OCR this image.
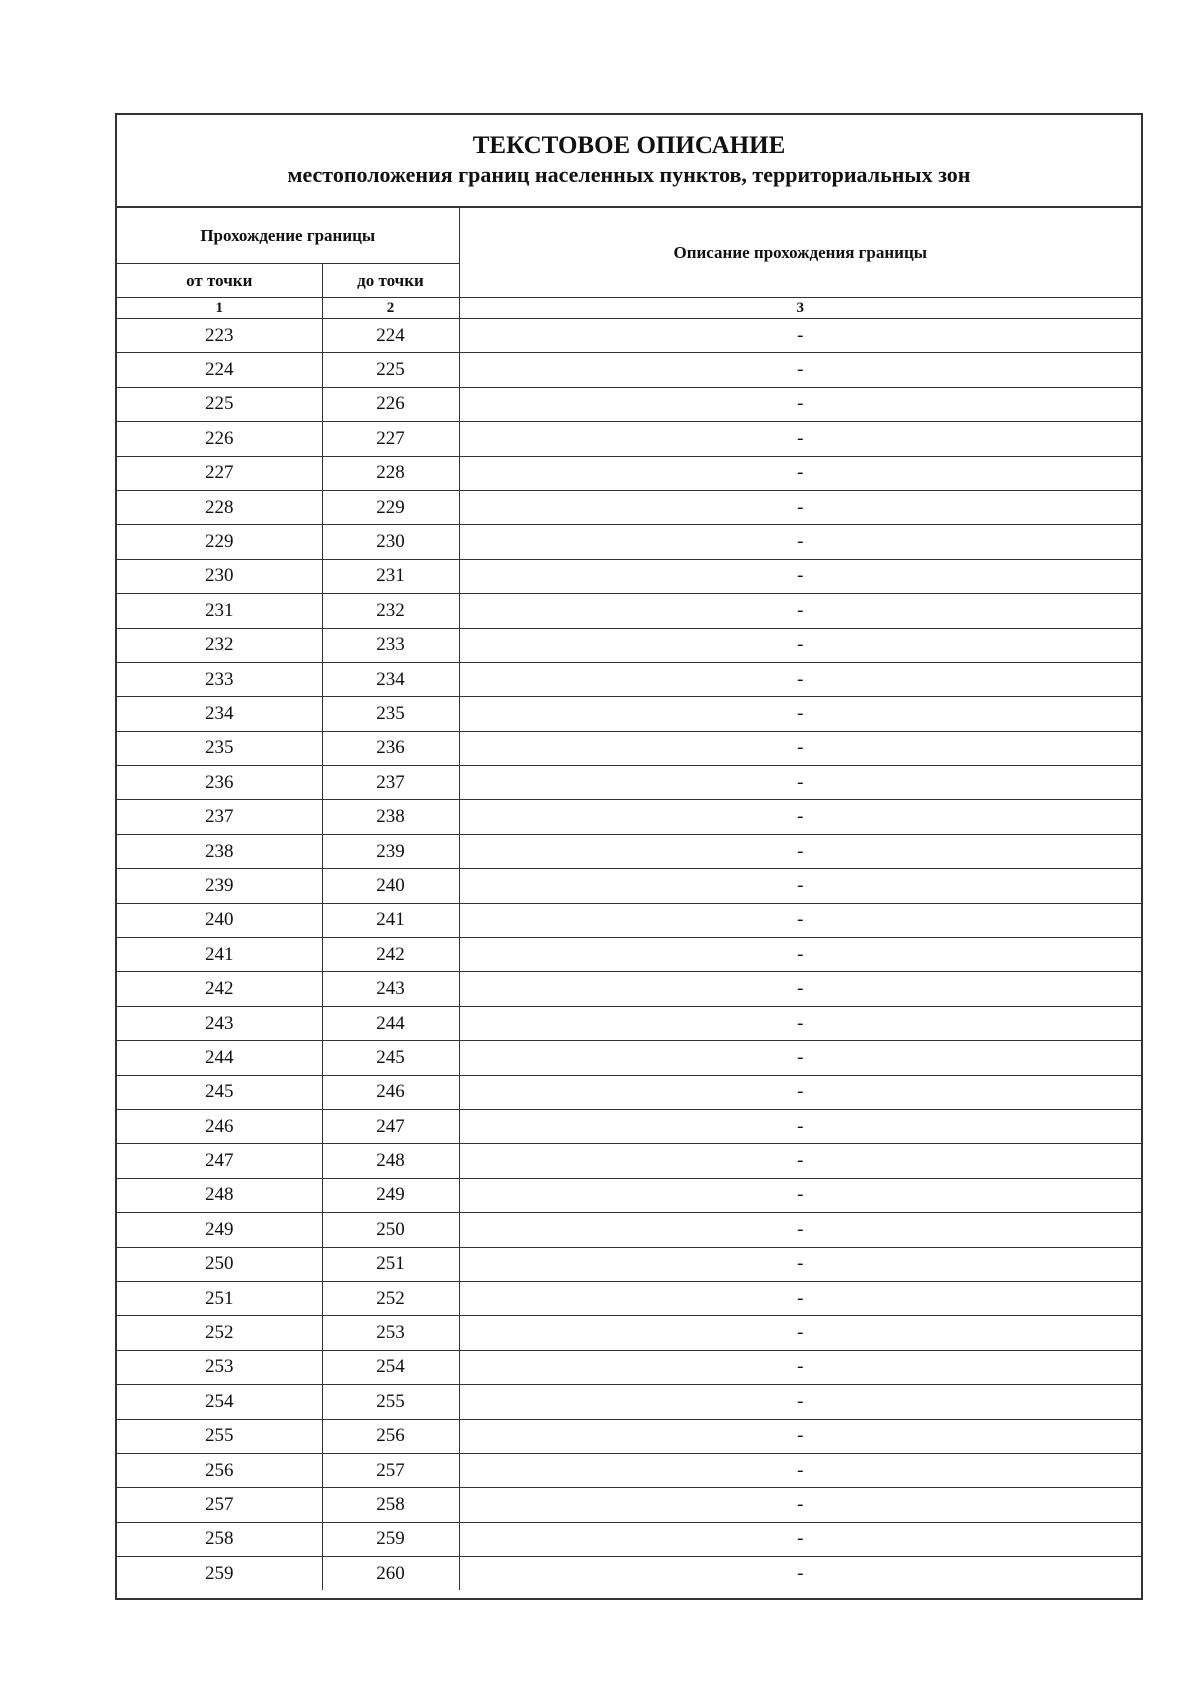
ТЕКСТОВОЕ ОПИСАНИЕ
местоположения границ населенных пунктов, территориальных зон
Прохождение границы		Описание прохождения границы
от точки	до точки	
1	2	3
223	224	-
224	225	-
225	226	-
226	227	-
227	228	-
228	229	-
229	230	-
230	231	-
231	232	-
232	233	-
233	234	-
234	235	-
235	236	-
236	237	-
237	238	-
238	239	-
239	240	-
240	241	-
241	242	-
242	243	-
243	244	-
244	245	-
245	246	-
246	247	-
247	248	-
248	249	-
249	250	-
250	251	-
251	252	-
252	253	-
253	254	-
254	255	-
255	256	-
256	257	-
257	258	-
258	259	-
259	260	-
